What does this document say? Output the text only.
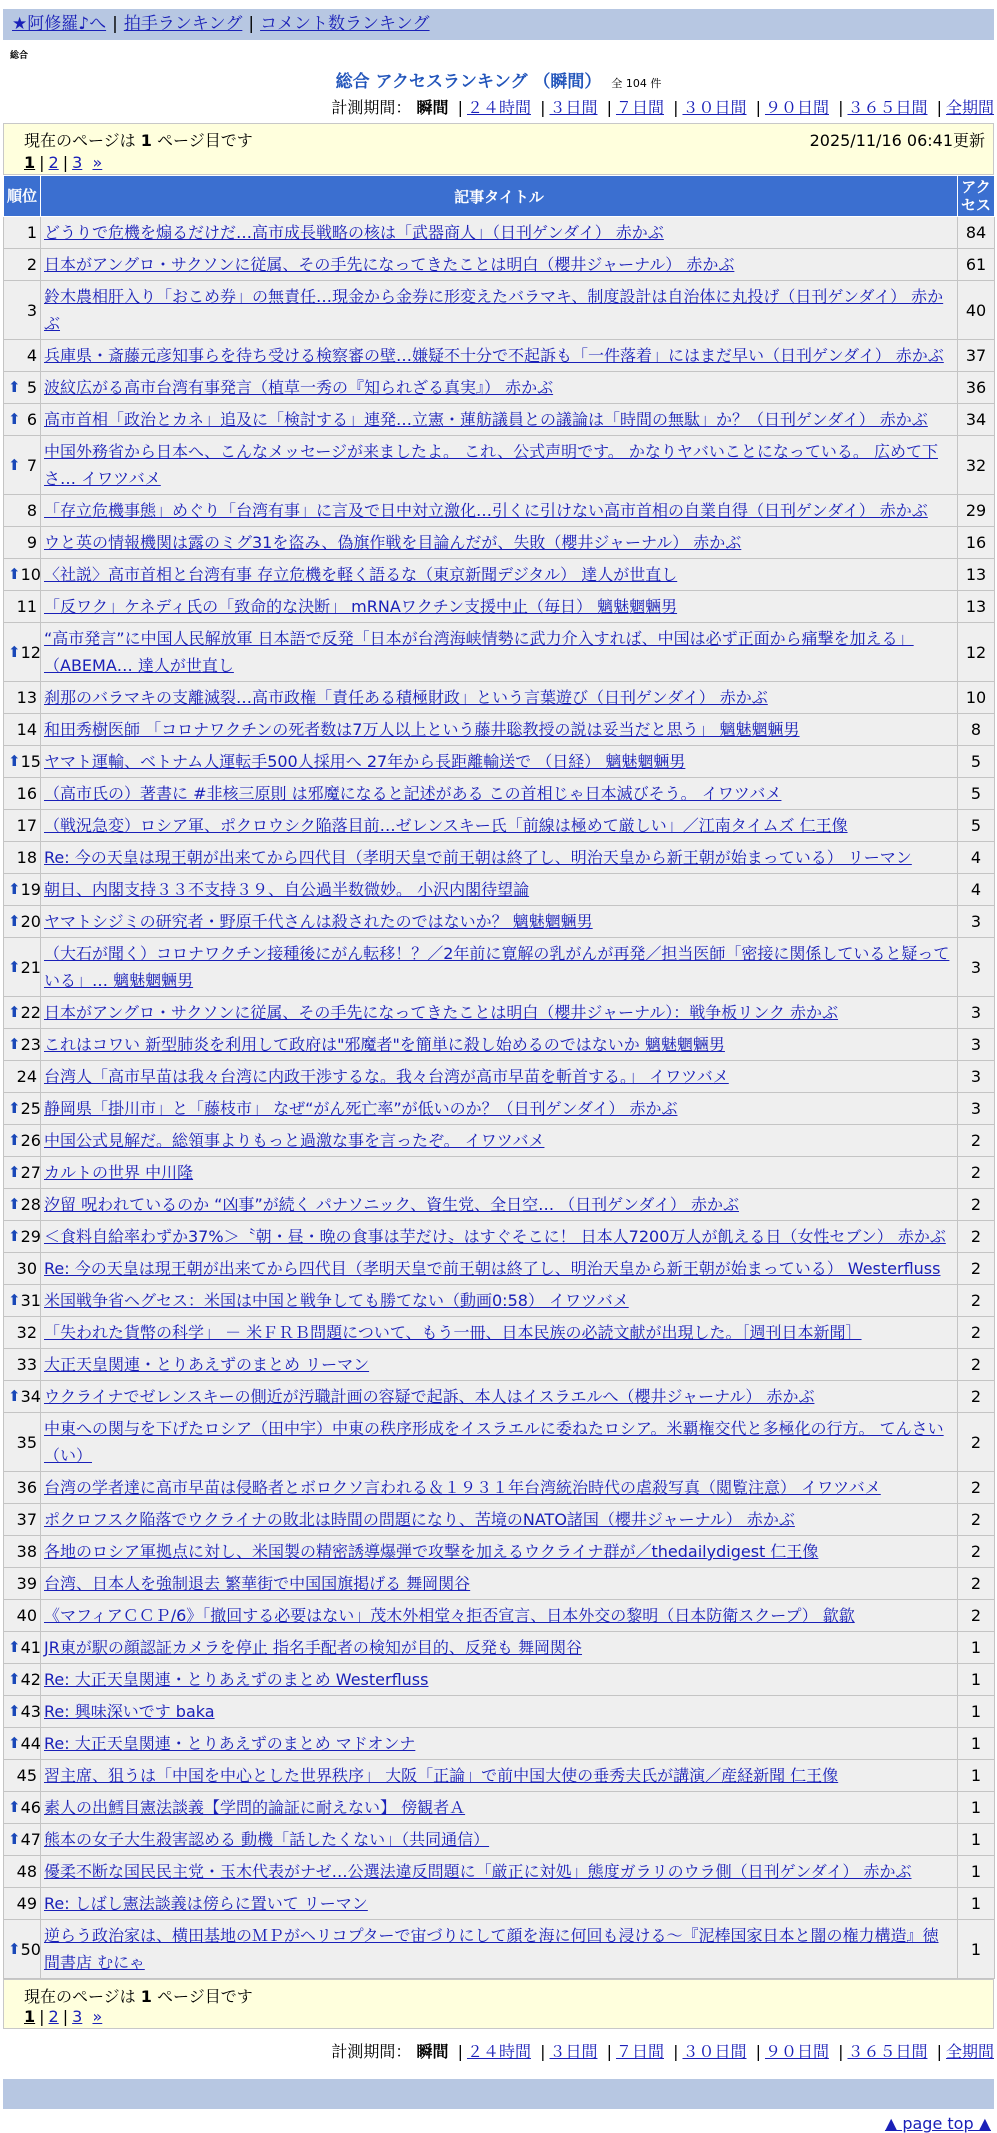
★阿修羅♪へ | 拍手ランキング | コメント数ランキング
総合
総合 アクセスランキング （瞬間） 全 104 件
計測期間： 瞬間 | ２４時間 | ３日間 | ７日間 | ３０日間 | ９０日間 | ３６５日間 | 全期間
現在のページは 1 ページ目です	2025/11/16 06:41更新
1 | 2 | 3 »
順位	記事タイトル	アクセス
1	どうりで危機を煽るだけだ…高市成長戦略の核は「武器商人」（日刊ゲンダイ） 赤かぶ	84
2	日本がアングロ・サクソンに従属、その手先になってきたことは明白（櫻井ジャーナル） 赤かぶ	61
3	鈴木農相肝入り「おこめ券」の無責任…現金から金券に形変えたバラマキ、制度設計は自治体に丸投げ（日刊ゲンダイ） 赤かぶ	40
4	兵庫県・斎藤元彦知事らを待ち受ける検察審の壁…嫌疑不十分で不起訴も「一件落着」にはまだ早い（日刊ゲンダイ） 赤かぶ	37

⬆ 5	波紋広がる高市台湾有事発言（植草一秀の『知られざる真実』） 赤かぶ	36

⬆ 6	高市首相「政治とカネ」追及に「検討する」連発…立憲・蓮舫議員との議論は「時間の無駄」か？（日刊ゲンダイ） 赤かぶ	34

⬆ 7	中国外務省から日本へ、こんなメッセージが来ましたよ。 これ、公式声明です。 かなりヤバいことになっている。 広めて下さ… イワツバメ	32
8	「存立危機事態」めぐり「台湾有事」に言及で日中対立激化…引くに引けない高市首相の自業自得（日刊ゲンダイ） 赤かぶ	29
9	ウと英の情報機関は露のミグ31を盗み、偽旗作戦を目論んだが、失敗（櫻井ジャーナル） 赤かぶ	16

⬆ 10	〈社説〉高市首相と台湾有事 存立危機を軽く語るな（東京新聞デジタル） 達人が世直し	13
11	「反ワク」ケネディ氏の「致命的な決断」 mRNAワクチン支援中止（毎日） 魑魅魍魎男	13

⬆ 12	“高市発言”に中国人民解放軍 日本語で反発「日本が台湾海峡情勢に武力介入すれば、中国は必ず正面から痛撃を加える」（ABEMA… 達人が世直し	12
13	刹那のバラマキの支離滅裂…高市政権「責任ある積極財政」という言葉遊び（日刊ゲンダイ） 赤かぶ	10
14	和田秀樹医師 「コロナワクチンの死者数は7万人以上という藤井聡教授の説は妥当だと思う」 魑魅魍魎男	8

⬆ 15	ヤマト運輸、ベトナム人運転手500人採用へ 27年から長距離輸送で （日経） 魑魅魍魎男	5
16	（高市氏の）著書に #非核三原則 は邪魔になると記述がある この首相じゃ日本滅びそう。 イワツバメ	5
17	（戦況急変）ロシア軍、ポクロウシク陥落目前…ゼレンスキー氏「前線は極めて厳しい」／江南タイムズ 仁王像	5
18	Re: 今の天皇は現王朝が出来てから四代目（孝明天皇で前王朝は終了し、明治天皇から新王朝が始まっている） リーマン	4

⬆ 19	朝日、内閣支持３３不支持３９、自公過半数微妙。 小沢内閣待望論	4

⬆ 20	ヤマトシジミの研究者・野原千代さんは殺されたのではないか？ 魑魅魍魎男	3

⬆ 21	（大石が聞く）コロナワクチン接種後にがん転移！？／2年前に寛解の乳がんが再発／担当医師「密接に関係していると疑っている」… 魑魅魍魎男	3

⬆ 22	日本がアングロ・サクソンに従属、その手先になってきたことは明白（櫻井ジャーナル）：戦争板リンク 赤かぶ	3

⬆ 23	これはコワい 新型肺炎を利用して政府は"邪魔者"を簡単に殺し始めるのではないか 魑魅魍魎男	3
24	台湾人「高市早苗は我々台湾に内政干渉するな。我々台湾が高市早苗を斬首する。」 イワツバメ	3

⬆ 25	静岡県「掛川市」と「藤枝市」 なぜ“がん死亡率”が低いのか？（日刊ゲンダイ） 赤かぶ	3

⬆ 26	中国公式見解だ。総領事よりもっと過激な事を言ったぞ。 イワツバメ	2

⬆ 27	カルトの世界 中川隆	2

⬆ 28	汐留 呪われているのか “凶事”が続く パナソニック、資生党、全日空… （日刊ゲンダイ） 赤かぶ	2

⬆ 29	＜食料自給率わずか37%＞〝朝・昼・晩の食事は芋だけ〟はすぐそこに！ 日本人7200万人が飢える日（女性セブン） 赤かぶ	2
30	Re: 今の天皇は現王朝が出来てから四代目（孝明天皇で前王朝は終了し、明治天皇から新王朝が始まっている） Westerfluss	2

⬆ 31	米国戦争省ヘグセス：米国は中国と戦争しても勝てない（動画0:58） イワツバメ	2
32	「失われた貨幣の科学」 － 米ＦＲＢ問題について、もう一冊、日本民族の必読文献が出現した。［週刊日本新聞］	2
33	大正天皇関連・とりあえずのまとめ リーマン	2

⬆ 34	ウクライナでゼレンスキーの側近が汚職計画の容疑で起訴、本人はイスラエルへ（櫻井ジャーナル） 赤かぶ	2
35	中東への関与を下げたロシア（田中宇）中東の秩序形成をイスラエルに委ねたロシア。米覇権交代と多極化の行方。 てんさい（い）	2
36	台湾の学者達に高市早苗は侵略者とボロクソ言われる＆１９３１年台湾統治時代の虐殺写真（閲覧注意） イワツバメ	2
37	ポクロフスク陥落でウクライナの敗北は時間の問題になり、苦境のNATO諸国（櫻井ジャーナル） 赤かぶ	2
38	各地のロシア軍拠点に対し、米国製の精密誘導爆弾で攻撃を加えるウクライナ群が／thedailydigest 仁王像	2
39	台湾、日本人を強制退去 繁華街で中国国旗掲げる 舞岡関谷	2
40	《マフィアＣＣＰ/6》「撤回する必要はない」茂木外相堂々拒否宣言、日本外交の黎明（日本防衛スクープ） 歙歙	2

⬆ 41	JR東が駅の顔認証カメラを停止 指名手配者の検知が目的、反発も 舞岡関谷	1

⬆ 42	Re: 大正天皇関連・とりあえずのまとめ Westerfluss	1

⬆ 43	Re: 興味深いです baka	1

⬆ 44	Re: 大正天皇関連・とりあえずのまとめ マドオンナ	1
45	習主席、狙うは「中国を中心とした世界秩序」 大阪「正論」で前中国大使の垂秀夫氏が講演／産経新聞 仁王像	1

⬆ 46	素人の出鱈目憲法談義【学問的論証に耐えない】 傍観者Ａ	1

⬆ 47	熊本の女子大生殺害認める 動機「話したくない」（共同通信）	1
48	優柔不断な国民民主党・玉木代表がナゼ…公選法違反問題に「厳正に対処」態度ガラリのウラ側（日刊ゲンダイ） 赤かぶ	1
49	Re: しばし憲法談義は傍らに置いて リーマン	1

⬆ 50	逆らう政治家は、横田基地のＭＰがヘリコプターで宙づりにして顔を海に何回も浸ける～『泥棒国家日本と闇の権力構造』徳間書店 むにゃ	1
現在のページは 1 ページ目です
1 | 2 | 3 »
計測期間： 瞬間 | ２４時間 | ３日間 | ７日間 | ３０日間 | ９０日間 | ３６５日間 | 全期間
▲ page top ▲
